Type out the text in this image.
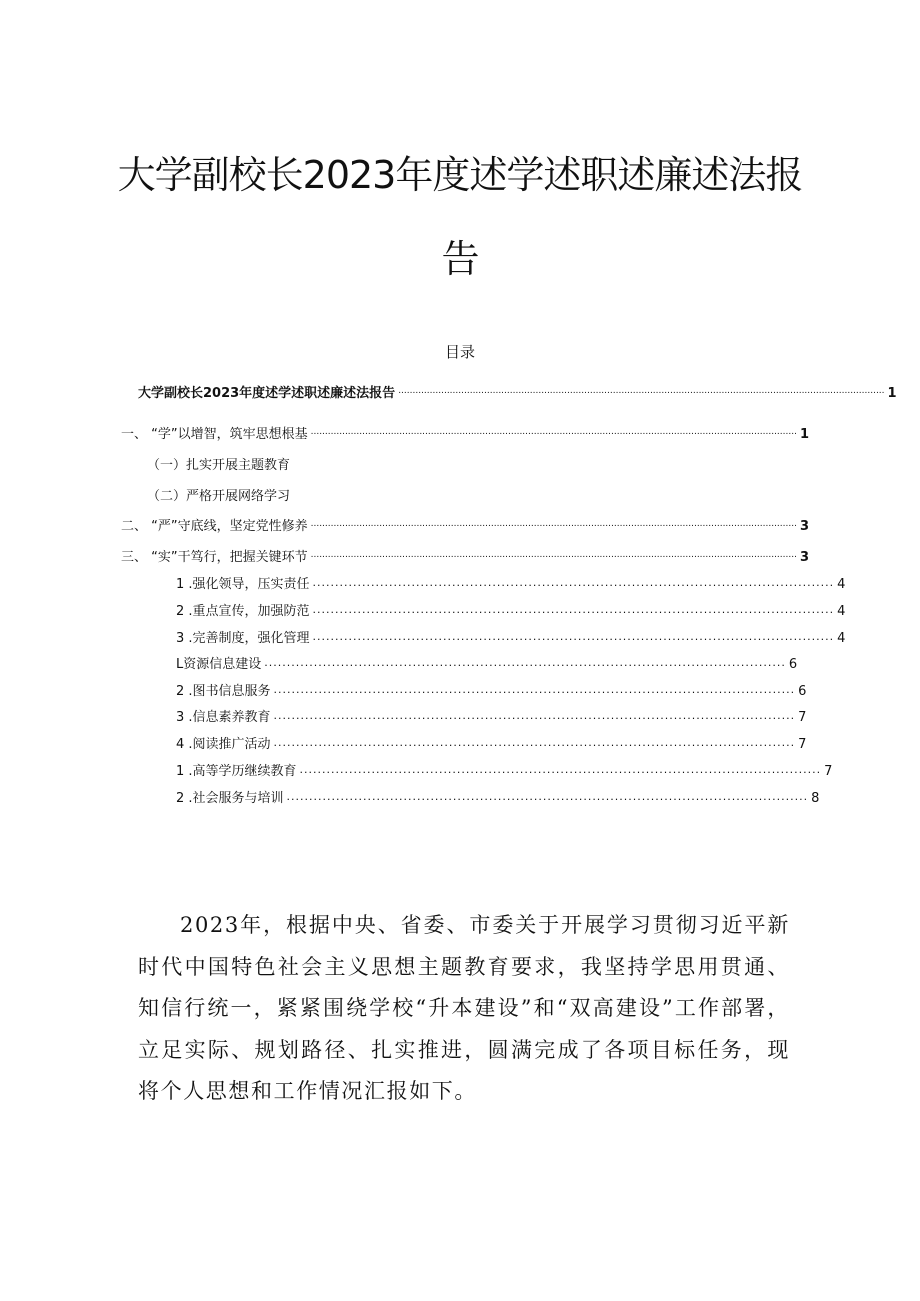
大学副校长2023年度述学述职述廉述法报
告
目录
大学副校长2023年度述学述职述廉述法报告 .......................................................................................................................................................................... 1
一、 “学”以增智，筑牢思想根基 .......................................................................................................................................................................... 1
（一）扎实开展主题教育
（二）严格开展网络学习
二、 “严”守底线，坚定党性修养 .......................................................................................................................................................................... 3
三、 “实”干笃行，把握关键环节 .......................................................................................................................................................................... 3
1 .强化领导，压实责任 .................................................................................................................... 4
2 .重点宣传，加强防范 .................................................................................................................... 4
3 .完善制度，强化管理 .................................................................................................................... 4
L资源信息建设 .................................................................................................................... 6
2 .图书信息服务 .................................................................................................................... 6
3 .信息素养教育 .................................................................................................................... 7
4 .阅读推广活动 .................................................................................................................... 7
1 .高等学历继续教育 .................................................................................................................... 7
2 .社会服务与培训 .................................................................................................................... 8

2023年，根据中央、省委、市委关于开展学习贯彻习近平新时代中国特色社会主义思想主题教育要求，我坚持学思用贯通、知信行统一，紧紧围绕学校“升本建设”和“双高建设”工作部署，立足实际、规划路径、扎实推进，圆满完成了各项目标任务，现将个人思想和工作情况汇报如下。
